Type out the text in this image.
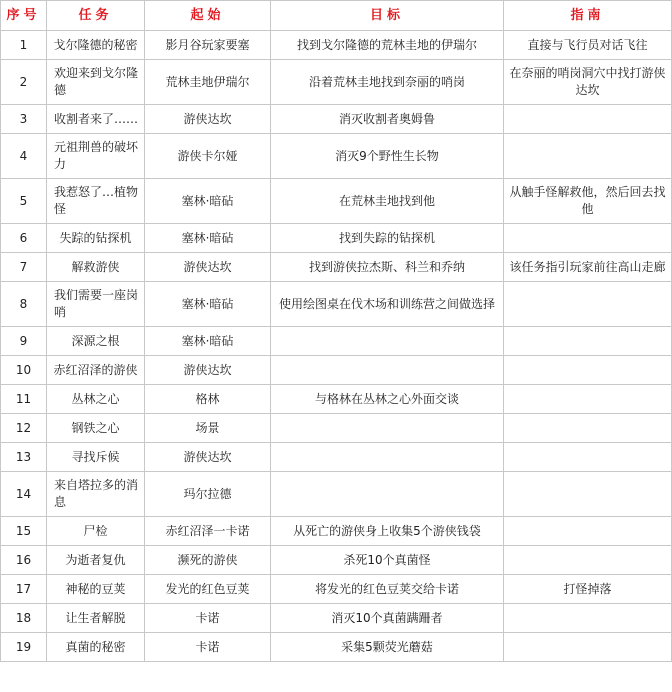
序号	任务	起始	目标	指南
1	戈尔隆德的秘密	影月谷玩家要塞	找到戈尔隆德的荒林圭地的伊瑞尔	直接与飞行员对话飞往
2	欢迎来到戈尔隆德	荒林圭地伊瑞尔	沿着荒林圭地找到奈丽的哨岗	在奈丽的哨岗洞穴中找打游侠达坎
3	收割者来了……	游侠达坎	消灭收割者奥姆鲁	
4	元祖荆兽的破坏力	游侠卡尔娅	消灭9个野性生长物	
5	我惹怒了…植物怪	塞林·暗砧	在荒林圭地找到他	从触手怪解救他，然后回去找他
6	失踪的钻探机	塞林·暗砧	找到失踪的钻探机	
7	解救游侠	游侠达坎	找到游侠拉杰斯、科兰和乔纳	该任务指引玩家前往高山走廊
8	我们需要一座岗哨	塞林·暗砧	使用绘图桌在伐木场和训练营之间做选择	
9	深源之根	塞林·暗砧		
10	赤红沼泽的游侠	游侠达坎		
11	丛林之心	格林	与格林在丛林之心外面交谈	
12	钢铁之心	场景		
13	寻找斥候	游侠达坎		
14	来自塔拉多的消息	玛尔拉德		
15	尸检	赤红沼泽一卡诺	从死亡的游侠身上收集5个游侠钱袋	
16	为逝者复仇	濒死的游侠	杀死10个真菌怪	
17	神秘的豆荚	发光的红色豆荚	将发光的红色豆荚交给卡诺	打怪掉落
18	让生者解脱	卡诺	消灭10个真菌蹒跚者	
19	真菌的秘密	卡诺	采集5颗荧光蘑菇	
